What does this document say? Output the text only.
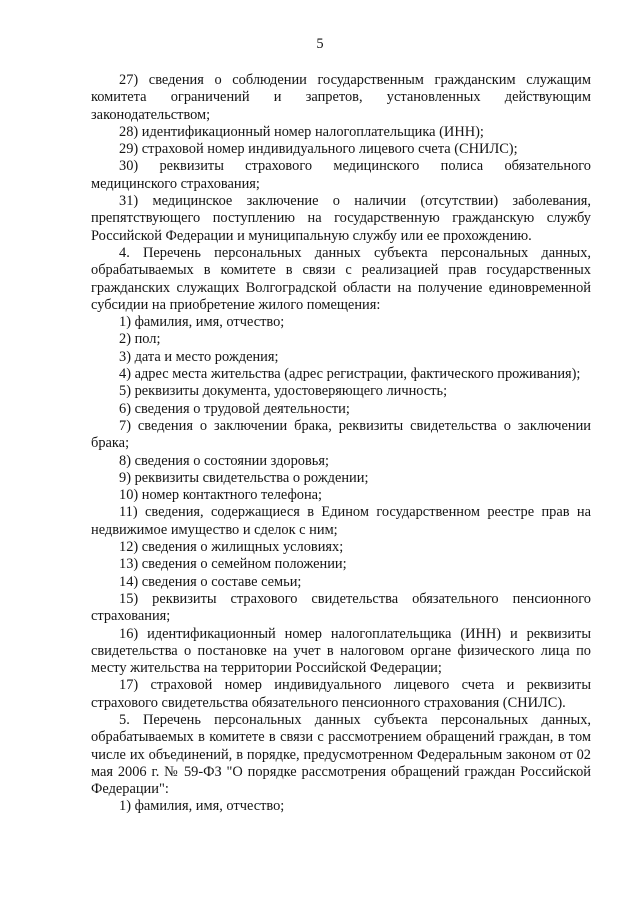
5

27) сведения о соблюдении государственным гражданским служащим комитета ограничений и запретов, установленных действующим законодательством;

28) идентификационный номер налогоплательщика (ИНН);

29) страховой номер индивидуального лицевого счета (СНИЛС);

30) реквизиты страхового медицинского полиса обязательного медицинского страхования;

31) медицинское заключение о наличии (отсутствии) заболевания, препятствующего поступлению на государственную гражданскую службу Российской Федерации и муниципальную службу или ее прохождению.

4. Перечень персональных данных субъекта персональных данных, обрабатываемых в комитете в связи с реализацией прав государственных гражданских служащих Волгоградской области на получение единовременной субсидии на приобретение жилого помещения:

1) фамилия, имя, отчество;

2) пол;

3) дата и место рождения;

4) адрес места жительства (адрес регистрации, фактического проживания);

5) реквизиты документа, удостоверяющего личность;

6) сведения о трудовой деятельности;

7) сведения о заключении брака, реквизиты свидетельства о заключении брака;

8) сведения о состоянии здоровья;

9) реквизиты свидетельства о рождении;

10) номер контактного телефона;

11) сведения, содержащиеся в Едином государственном реестре прав на недвижимое имущество и сделок с ним;

12) сведения о жилищных условиях;

13) сведения о семейном положении;

14) сведения о составе семьи;

15) реквизиты страхового свидетельства обязательного пенсионного страхования;

16) идентификационный номер налогоплательщика (ИНН) и реквизиты свидетельства о постановке на учет в налоговом органе физического лица по месту жительства на территории Российской Федерации;

17) страховой номер индивидуального лицевого счета и реквизиты страхового свидетельства обязательного пенсионного страхования (СНИЛС).

5. Перечень персональных данных субъекта персональных данных, обрабатываемых в комитете в связи с рассмотрением обращений граждан, в том числе их объединений, в порядке, предусмотренном Федеральным законом от 02 мая 2006 г. № 59-ФЗ "О порядке рассмотрения обращений граждан Российской Федерации":

1) фамилия, имя, отчество;
